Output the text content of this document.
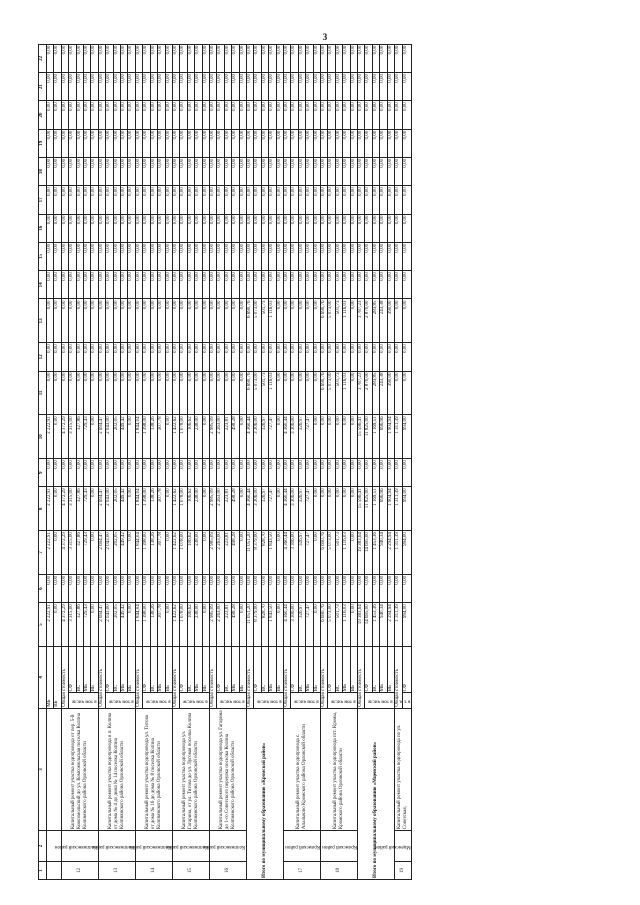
3
1	2	3	4		5	6	7	8	9	10	11	12	13	14	15	16	17	18	19	20	21	22
			МБ		2 222,91	0,00	2 222,91	2 222,91	0,00	2 222,91	0,00	0,00	0,00	0,00	0,00	0,00	0,00	0,00	0,00	0,00	0,00	0,00
			ВБ		0,00	0,00	0,00	0,00	0,00	0,00	0,00	0,00	0,00	0,00	0,00	0,00	0,00	0,00	0,00	0,00	0,00	0,00
12	Колпнянский район	Капитальный ремонт участка водопровода от пер. 5-й Комсомольский до ул. Комсомольская поселка Колпна Колпнянского района Орловской области	Общая стоимость		4 372,29	0,00	4 372,29	4 372,29	0,00	4 372,29	0,00	0,00	0,00	0,00	0,00	0,00	0,00	0,00	0,00	0,00	0,00	0,00
			в том числе	СФ	3 315,00	0,00	3 315,00	3 315,00	0,00	3 315,00	0,00	0,00	0,00	0,00	0,00	0,00	0,00	0,00	0,00	0,00	0,00	0,00
				ВС	327,86	0,00	327,86	327,86	0,00	327,86	0,00	0,00	0,00	0,00	0,00	0,00	0,00	0,00	0,00	0,00	0,00	0,00
				МБ	729,43	0,00	729,43	729,43	0,00	729,43	0,00	0,00	0,00	0,00	0,00	0,00	0,00	0,00	0,00	0,00	0,00	0,00
				ВБ	0,00	0,00	0,00	0,00	0,00	0,00	0,00	0,00	0,00	0,00	0,00	0,00	0,00	0,00	0,00	0,00	0,00	0,00
13	Колпнянский район	Капитальный ремонт участка водопровода в п. Колпна от дома № 4 до дома № 14 поселка Колпна Колпнянского района Орловской области	Общая стоимость		2 694,47	0,00	2 694,47	2 694,47	0,00	2 694,47	0,00	0,00	0,00	0,00	0,00	0,00	0,00	0,00	0,00	0,00	0,00	0,00
			в том числе	СФ	2 043,00	0,00	2 043,00	2 043,00	0,00	2 043,00	0,00	0,00	0,00	0,00	0,00	0,00	0,00	0,00	0,00	0,00	0,00	0,00
				ВС	202,05	0,00	202,05	202,05	0,00	202,05	0,00	0,00	0,00	0,00	0,00	0,00	0,00	0,00	0,00	0,00	0,00	0,00
				МБ	449,42	0,00	449,42	449,42	0,00	449,42	0,00	0,00	0,00	0,00	0,00	0,00	0,00	0,00	0,00	0,00	0,00	0,00
				ВБ	0,00	0,00	0,00	0,00	0,00	0,00	0,00	0,00	0,00	0,00	0,00	0,00	0,00	0,00	0,00	0,00	0,00	0,00
14	Колпнянский район	Капитальный ремонт участка водопровода ул. Титова от дома № 16 до дома № 8 поселка Колпна Колпнянского района Орловской области	Общая стоимость		1 844,04	0,00	1 844,04	1 844,04	0,00	1 844,04	0,00	0,00	0,00	0,00	0,00	0,00	0,00	0,00	0,00	0,00	0,00	0,00
			в том числе	СФ	1 398,00	0,00	1 398,00	1 398,00	0,00	1 398,00	0,00	0,00	0,00	0,00	0,00	0,00	0,00	0,00	0,00	0,00	0,00	0,00
				ВС	138,26	0,00	138,26	138,26	0,00	138,26	0,00	0,00	0,00	0,00	0,00	0,00	0,00	0,00	0,00	0,00	0,00	0,00
				МБ	307,78	0,00	307,78	307,78	0,00	307,78	0,00	0,00	0,00	0,00	0,00	0,00	0,00	0,00	0,00	0,00	0,00	0,00
				ВБ	0,00	0,00	0,00	0,00	0,00	0,00	0,00	0,00	0,00	0,00	0,00	0,00	0,00	0,00	0,00	0,00	0,00	0,00
15	Колпнянский район	Капитальный ремонт участка водопровода ул. Гагарина, от ул. Титова до ул. Луговая поселка Колпна Колпнянского района Орловской области	Общая стоимость		1 422,62	0,00	1 422,62	1 422,62	0,00	1 422,62	0,00	0,00	0,00	0,00	0,00	0,00	0,00	0,00	0,00	0,00	0,00	0,00
			в том числе	СФ	1 078,00	0,00	1 078,00	1 078,00	0,00	1 078,00	0,00	0,00	0,00	0,00	0,00	0,00	0,00	0,00	0,00	0,00	0,00	0,00
				ВС	106,62	0,00	106,62	106,62	0,00	106,62	0,00	0,00	0,00	0,00	0,00	0,00	0,00	0,00	0,00	0,00	0,00	0,00
				МБ	238,00	0,00	238,00	238,00	0,00	238,00	0,00	0,00	0,00	0,00	0,00	0,00	0,00	0,00	0,00	0,00	0,00	0,00
				ВБ	0,00	0,00	0,00	0,00	0,00	0,00	0,00	0,00	0,00	0,00	0,00	0,00	0,00	0,00	0,00	0,00	0,00	0,00
16	Колпнянский район	Капитальный ремонт участка водопровода ул. Гагарина до 1-го Советского переулка поселка Колпна Колпнянского района Орловской области	Общая стоимость		2 985,09	0,00	2 985,09	2 985,09	0,00	2 985,09	0,00	0,00	0,00	0,00	0,00	0,00	0,00	0,00	0,00	0,00	0,00	0,00
			в том числе	СФ	2 263,00	0,00	2 263,00	2 263,00	0,00	2 263,00	0,00	0,00	0,00	0,00	0,00	0,00	0,00	0,00	0,00	0,00	0,00	0,00
				ВС	223,81	0,00	223,81	223,81	0,00	223,81	0,00	0,00	0,00	0,00	0,00	0,00	0,00	0,00	0,00	0,00	0,00	0,00
				МБ	498,28	0,00	498,28	498,28	0,00	498,28	0,00	0,00	0,00	0,00	0,00	0,00	0,00	0,00	0,00	0,00	0,00	0,00
				ВБ	0,00	0,00	0,00	0,00	0,00	0,00	0,00	0,00	0,00	0,00	0,00	0,00	0,00	0,00	0,00	0,00	0,00	0,00
Итого по муниципальному образованию «Кромской район»			Общая стоимость		11 051,20	0,00	11 051,20	4 360,44	0,00	4 360,44	6 690,76	0,00	6 690,76	0,00	0,00	0,00	0,00	0,00	0,00	0,00	0,00	0,00
			в том числе	СФ	8 379,00	0,00	8 379,00	3 306,00	0,00	3 306,00	5 073,00	0,00	5 073,00	0,00	0,00	0,00	0,00	0,00	0,00	0,00	0,00	0,00
				ВС	828,70	0,00	828,70	326,97	0,00	326,97	501,73	0,00	501,73	0,00	0,00	0,00	0,00	0,00	0,00	0,00	0,00	0,00
				МБ	1 843,50	0,00	1 843,50	727,47	0,00	727,47	1 116,03	0,00	1 116,03	0,00	0,00	0,00	0,00	0,00	0,00	0,00	0,00	0,00
				ВБ	0,00	0,00	0,00	0,00	0,00	0,00	0,00	0,00	0,00	0,00	0,00	0,00	0,00	0,00	0,00	0,00	0,00	0,00
17	Кромской район	Капитальный ремонт участка водопровода с. Апальково Кромского района Орловской области	Общая стоимость		4 360,44	0,00	4 360,44	4 360,44	0,00	4 360,44	0,00	0,00	0,00	0,00	0,00	0,00	0,00	0,00	0,00	0,00	0,00	0,00
			в том числе	СФ	3 306,00	0,00	3 306,00	3 306,00	0,00	3 306,00	0,00	0,00	0,00	0,00	0,00	0,00	0,00	0,00	0,00	0,00	0,00	0,00
				ВС	326,97	0,00	326,97	326,97	0,00	326,97	0,00	0,00	0,00	0,00	0,00	0,00	0,00	0,00	0,00	0,00	0,00	0,00
				МБ	727,47	0,00	727,47	727,47	0,00	727,47	0,00	0,00	0,00	0,00	0,00	0,00	0,00	0,00	0,00	0,00	0,00	0,00
				ВБ	0,00	0,00	0,00	0,00	0,00	0,00	0,00	0,00	0,00	0,00	0,00	0,00	0,00	0,00	0,00	0,00	0,00	0,00
18	Кромской район	Капитальный ремонт участка водопровода пгт. Кромы, Кромского района Орловской области	Общая стоимость		6 690,76	0,00	6 690,76	0,00	0,00	0,00	6 690,76	0,00	6 690,76	0,00	0,00	0,00	0,00	0,00	0,00	0,00	0,00	0,00
			в том числе	СФ	5 073,00	0,00	5 073,00	0,00	0,00	0,00	5 073,00	0,00	5 073,00	0,00	0,00	0,00	0,00	0,00	0,00	0,00	0,00	0,00
				ВС	501,73	0,00	501,73	0,00	0,00	0,00	501,73	0,00	501,73	0,00	0,00	0,00	0,00	0,00	0,00	0,00	0,00	0,00
				МБ	1 116,03	0,00	1 116,03	0,00	0,00	0,00	1 116,03	0,00	1 116,03	0,00	0,00	0,00	0,00	0,00	0,00	0,00	0,00	0,00
				ВБ	0,00	0,00	0,00	0,00	0,00	0,00	0,00	0,00	0,00	0,00	0,00	0,00	0,00	0,00	0,00	0,00	0,00	0,00
Итого по муниципальному образованию «Мценский район»			Общая стоимость		19 383,64	0,00	19 383,64	15 596,41	0,00	15 596,41	3 787,23	0,00	3 787,23	0,00	0,00	0,00	0,00	0,00	0,00	0,00	0,00	0,00
			в том числе	СФ	14 695,00	0,00	14 695,00	11 825,00	0,00	11 825,00	2 870,00	0,00	2 870,00	0,00	0,00	0,00	0,00	0,00	0,00	0,00	0,00	0,00
				ВС	1 453,36	0,00	1 453,36	1 169,51	0,00	1 169,51	283,85	0,00	283,85	0,00	0,00	0,00	0,00	0,00	0,00	0,00	0,00	0,00
				МБ	940,34	0,00	940,34	696,96	0,00	696,96	243,38	0,00	243,38	0,00	0,00	0,00	0,00	0,00	0,00	0,00	0,00	0,00
				ВБ	2 294,94	0,00	2 294,94	1 904,94	0,00	1 904,94	390,00	0,00	390,00	0,00	0,00	0,00	0,00	0,00	0,00	0,00	0,00	0,00
19	Мценский район	Капитальный ремонт участка водопровода по ул. Советская,	Общая стоимость		1 311,39	0,00	1 311,39	1 311,39	0,00	1 311,39	0,00	0,00	0,00	0,00	0,00	0,00	0,00	0,00	0,00	0,00	0,00	0,00
			в т. ч.	СФ	994,00	0,00	994,00	994,00	0,00	994,00	0,00	0,00	0,00	0,00	0,00	0,00	0,00	0,00	0,00	0,00	0,00	0,00
